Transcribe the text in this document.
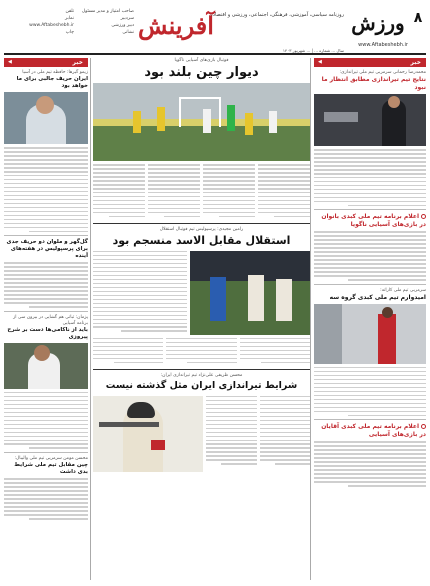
۸
ورزش
www.Aftabeshebh.ir
روزنامه سیاسی، آموزشی، فرهنگی، اجتماعی، ورزشی و اقتصادی
آفرینش
صاحب امتیاز و مدیر مسئول
سردبیر
دبیر ورزشی
نشانی
تلفن
نمابر
www.Aftabeshebh.ir
چاپ
سال ... شماره ... | ... شهریور ۱۴۰۳
خبر
◀
محمدرضا رحمانی سرمربی تیم ملی تیراندازی:
نتایج تیم تیراندازی مطابق انتظار ما نبود
اعلام برنامه تیم ملی کبدی بانوان در بازی‌های آسیایی ناگویا
سرمربی تیم ملی کاراته:
امیدوارم تیم ملی کبدی گروه سه
اعلام برنامه تیم ملی کبدی آقایان در بازی‌های آسیایی
فوتبال بازی‌های آسیایی ناگویا
دیوار چین بلند بود
رامین مجیدی: پرسپولیس تیم فوتبال استقلال
استقلال مقابل الاسد منسجم بود
محسن ظریفی علی‌نژاد تیم تیراندازی ایران:
شرایط تیراندازی ایران مثل گذشته نیست
خبر
◀
زیمو گیرها: حافظه تیم ملی در آسیا
ایران حریف جالبی برای ما خواهد بود
گل‌گهر و ملوان دو حریف جدی برای پرسپولیس در هفته‌های آینده
پژمان: ثباتی هم گشایی در بیرون سی از برنامه آسیایی
باید از ناکامی‌ها دست بر شرح پیروزی
محسن مومن سرمربی تیم ملی والیبال:
چین مقابل تیم ملی شرایط بدی داشت
